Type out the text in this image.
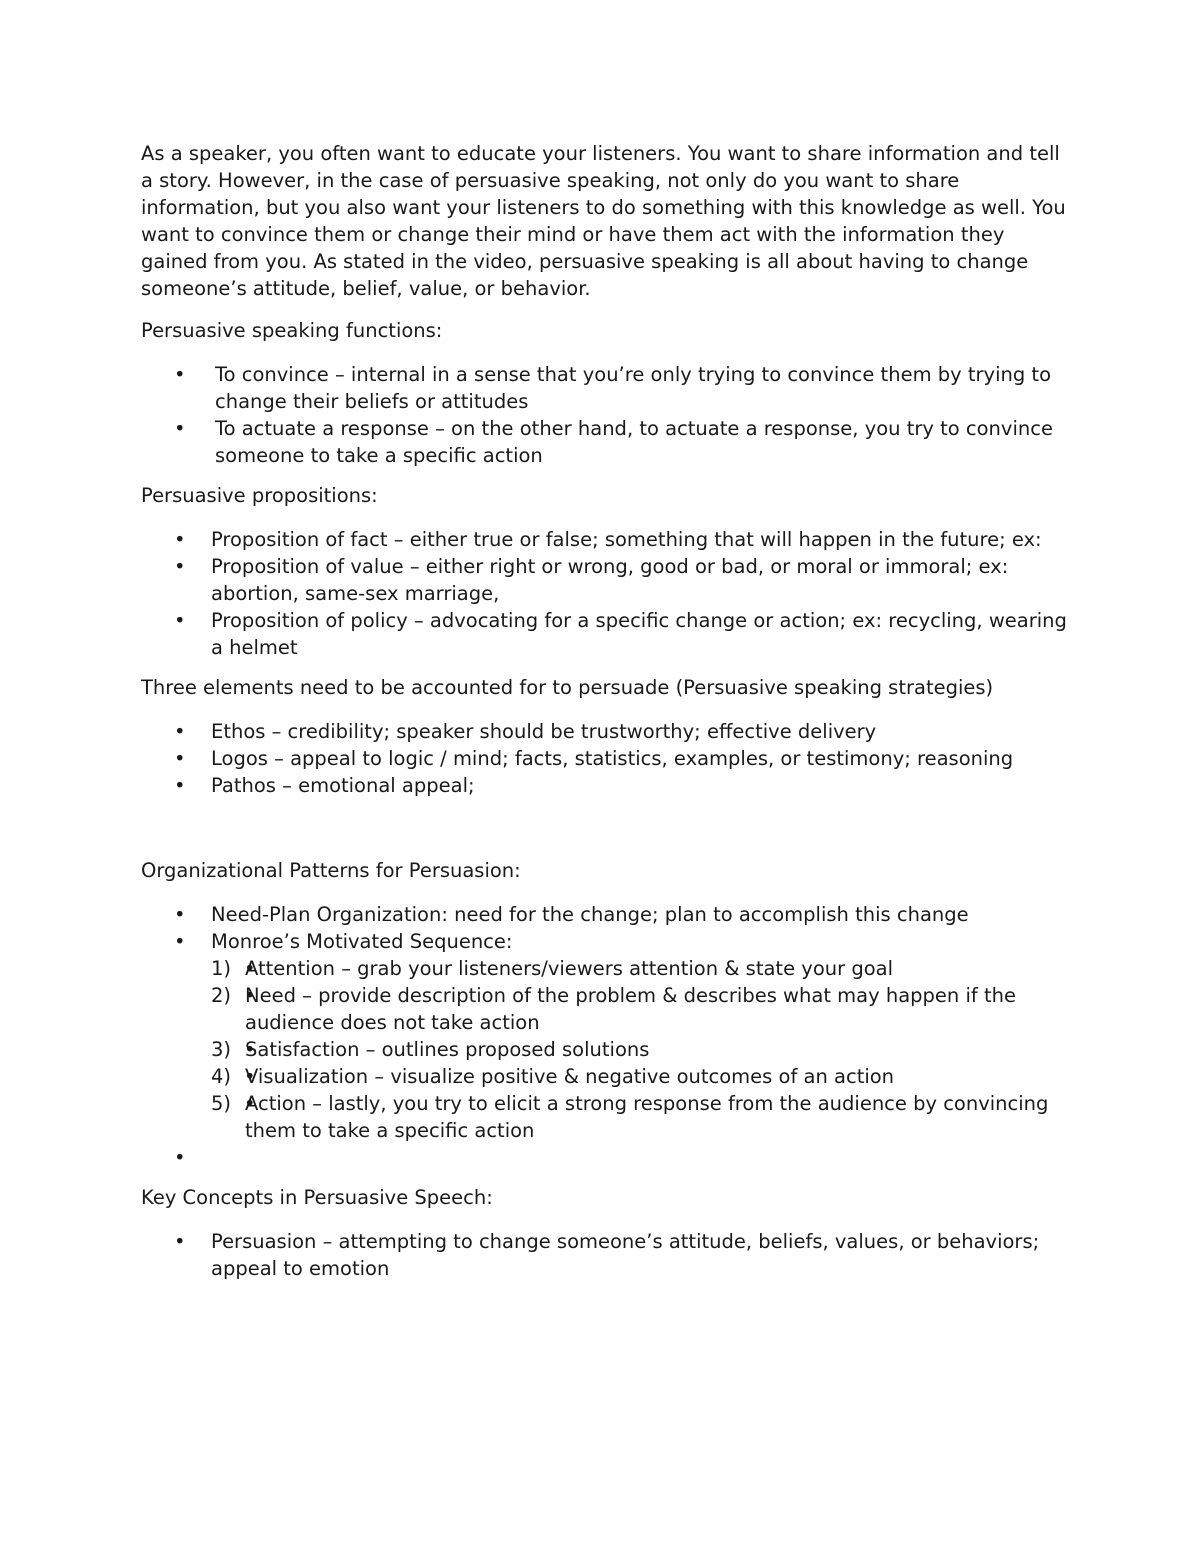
As a speaker, you often want to educate your listeners. You want to share information and tell a story. However, in the case of persuasive speaking, not only do you want to share information, but you also want your listeners to do something with this knowledge as well. You want to convince them or change their mind or have them act with the information they gained from you. As stated in the video, persuasive speaking is all about having to change someone’s attitude, belief, value, or behavior.

Persuasive speaking functions:

• To convince – internal in a sense that you’re only trying to convince them by trying to change their beliefs or attitudes
• To actuate a response – on the other hand, to actuate a response, you try to convince someone to take a specific action

Persuasive propositions:

• Proposition of fact – either true or false; something that will happen in the future; ex:
• Proposition of value – either right or wrong, good or bad, or moral or immoral; ex: abortion, same-sex marriage,
• Proposition of policy – advocating for a specific change or action; ex: recycling, wearing a helmet

Three elements need to be accounted for to persuade (Persuasive speaking strategies)

• Ethos – credibility; speaker should be trustworthy; effective delivery
• Logos – appeal to logic / mind; facts, statistics, examples, or testimony; reasoning
• Pathos – emotional appeal;

Organizational Patterns for Persuasion:

• Need-Plan Organization: need for the change; plan to accomplish this change
• Monroe’s Motivated Sequence:
• 1) Attention – grab your listeners/viewers attention & state your goal
• 2) Need – provide description of the problem & describes what may happen if the audience does not take action
• 3) Satisfaction – outlines proposed solutions
• 4) Visualization – visualize positive & negative outcomes of an action
• 5) Action – lastly, you try to elicit a strong response from the audience by convincing them to take a specific action
•

Key Concepts in Persuasive Speech:

• Persuasion – attempting to change someone’s attitude, beliefs, values, or behaviors; appeal to emotion
